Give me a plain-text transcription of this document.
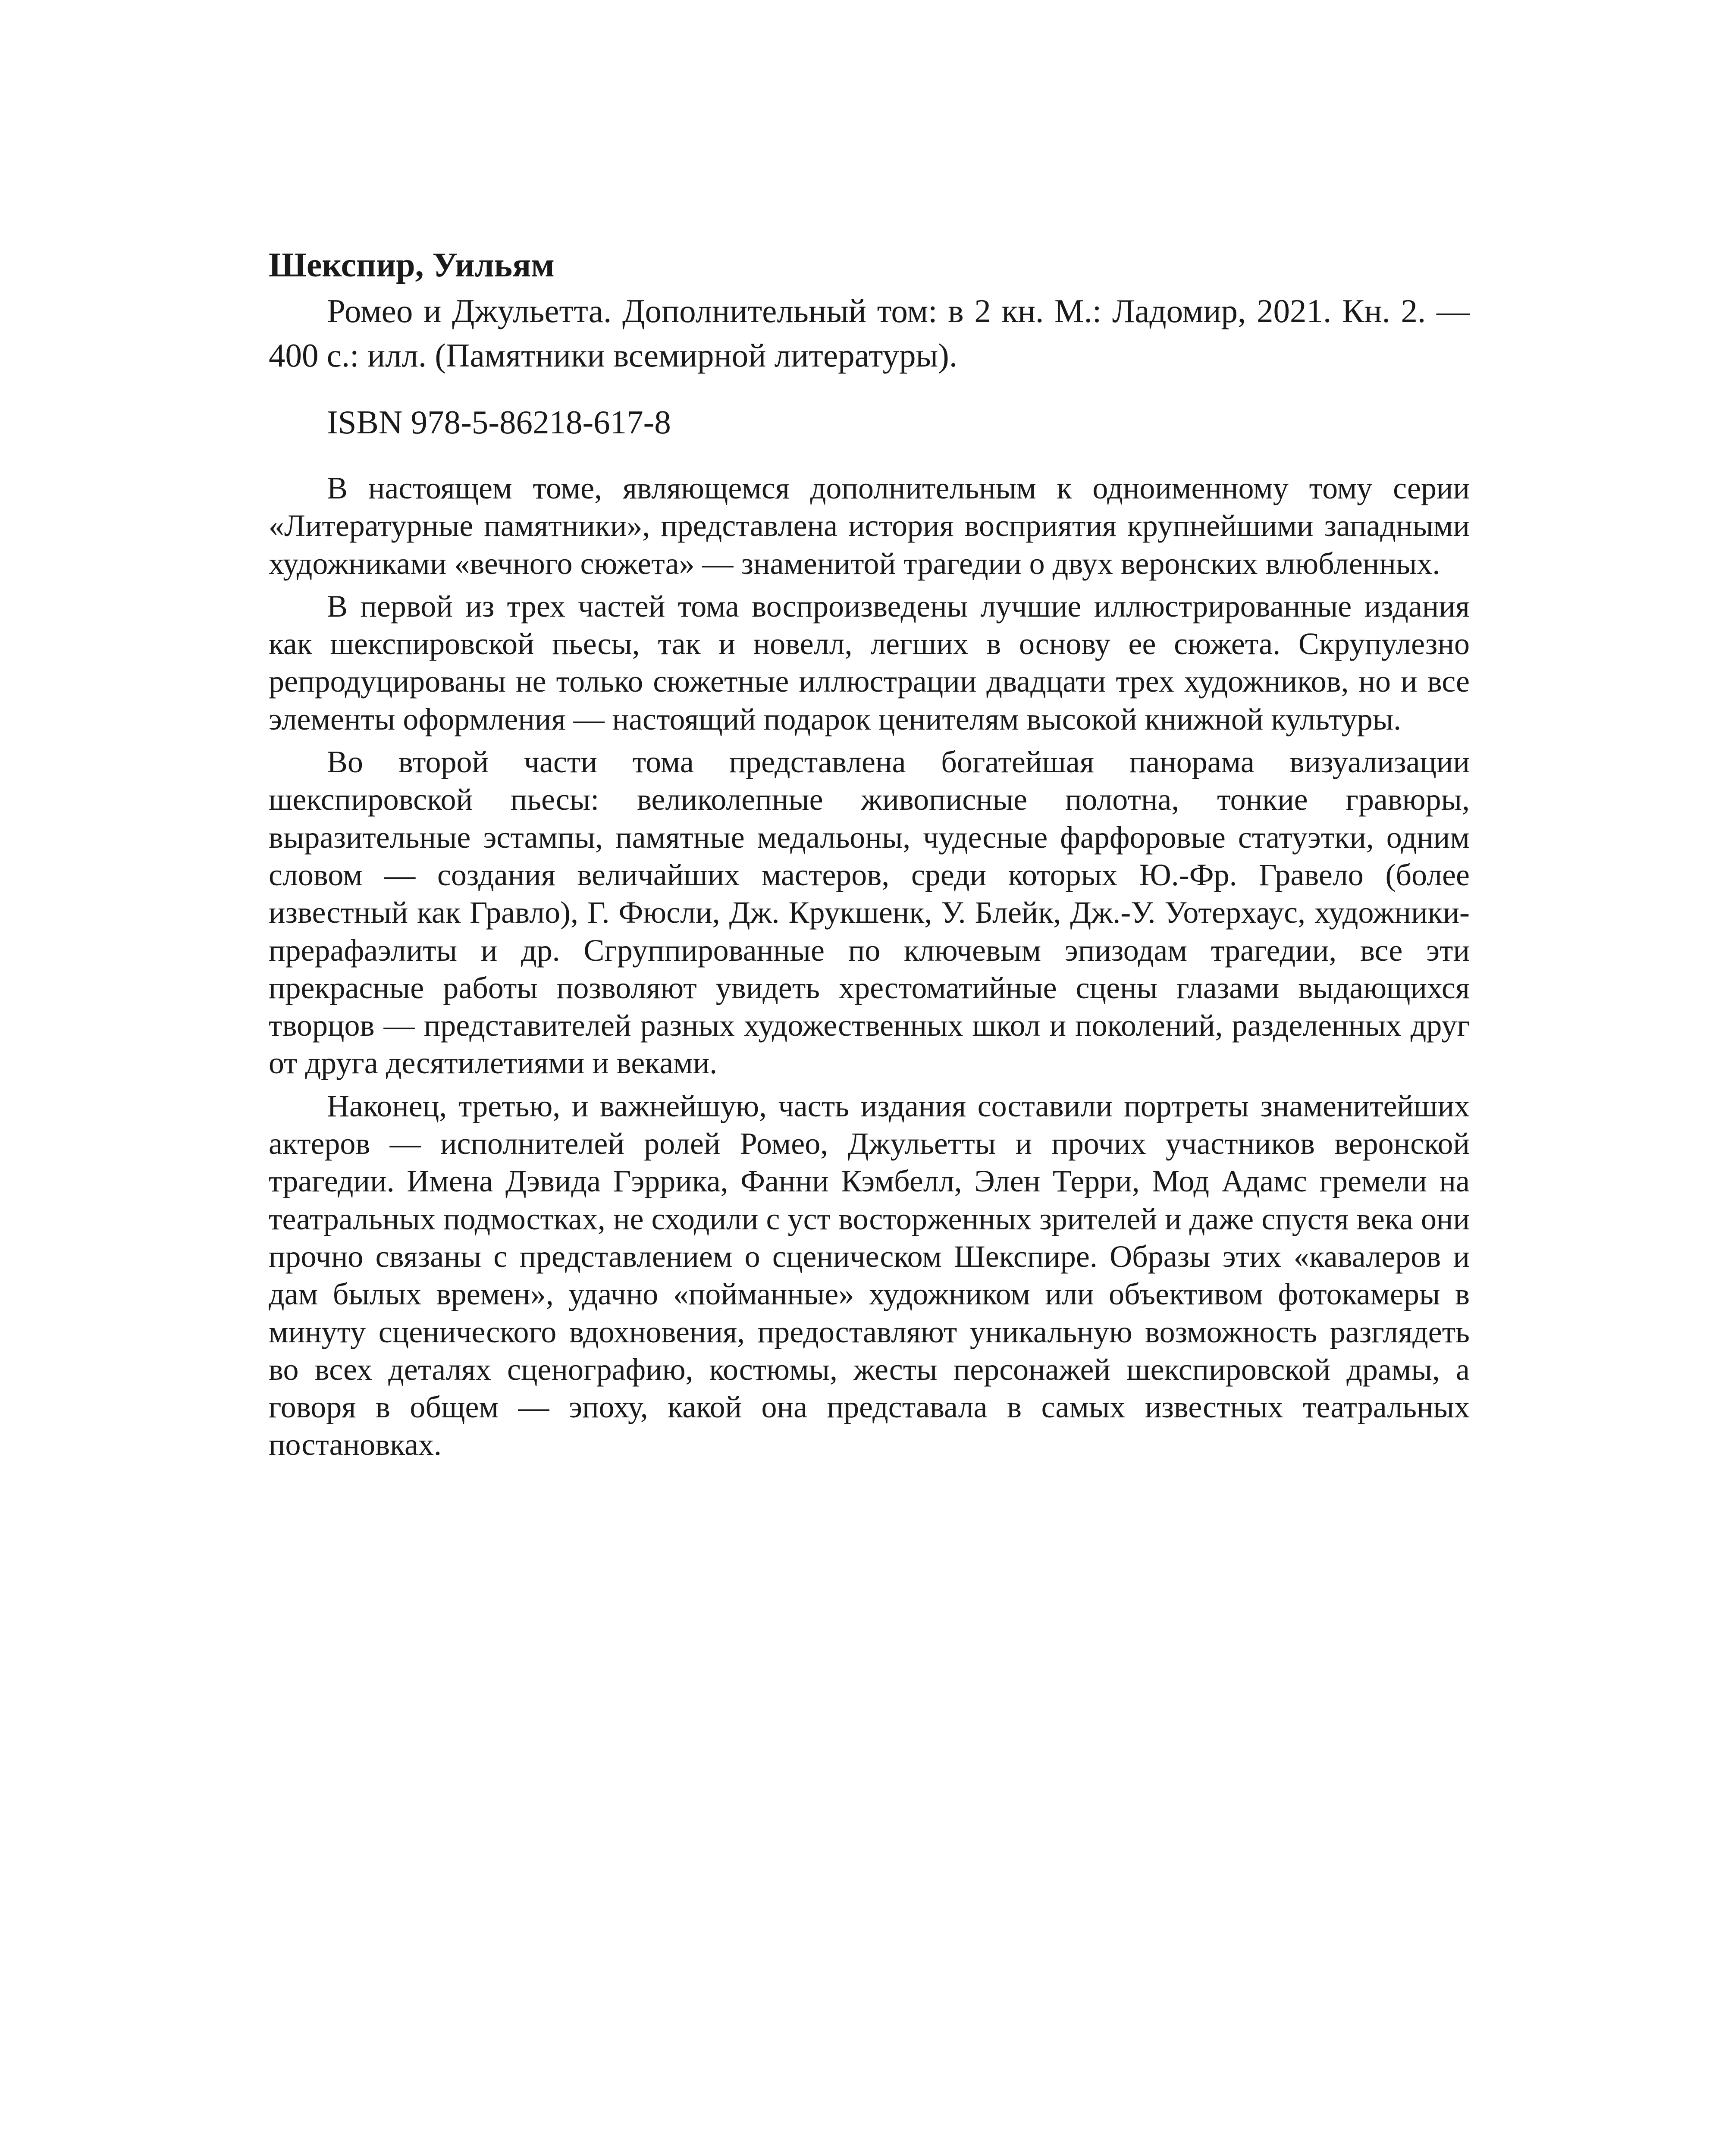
Шекспир, Уильям

Ромео и Джульетта. Дополнительный том: в 2 кн. М.: Ладомир, 2021. Кн. 2. — 400 с.: илл. (Памятники всемирной литературы).

ISBN 978-5-86218-617-8

В настоящем томе, являющемся дополнительным к одноименному тому серии «Литературные памятники», представлена история восприятия крупнейшими западными художниками «вечного сюжета» — знаменитой трагедии о двух веронских влюбленных.

В первой из трех частей тома воспроизведены лучшие иллюстрированные издания как шекспировской пьесы, так и новелл, легших в основу ее сюжета. Скрупулезно репродуцированы не только сюжетные иллюстрации двадцати трех художников, но и все элементы оформления — настоящий подарок ценителям высокой книжной культуры.

Во второй части тома представлена богатейшая панорама визуализации шекспировской пьесы: великолепные живописные полотна, тонкие гравюры, выразительные эстампы, памятные медальоны, чудесные фарфоровые статуэтки, одним словом — создания величайших мастеров, среди которых Ю.-Фр. Гравело (более известный как Гравло), Г. Фюсли, Дж. Крукшенк, У. Блейк, Дж.-У. Уотерхаус, художники-прерафаэлиты и др. Сгруппированные по ключевым эпизодам трагедии, все эти прекрасные работы позволяют увидеть хрестоматийные сцены глазами выдающихся творцов — представителей разных художественных школ и поколений, разделенных друг от друга десятилетиями и веками.

Наконец, третью, и важнейшую, часть издания составили портреты знаменитейших актеров — исполнителей ролей Ромео, Джульетты и прочих участников веронской трагедии. Имена Дэвида Гэррика, Фанни Кэмбелл, Элен Терри, Мод Адамс гремели на театральных подмостках, не сходили с уст восторженных зрителей и даже спустя века они прочно связаны с представлением о сценическом Шекспире. Образы этих «кавалеров и дам былых времен», удачно «пойманные» художником или объективом фотокамеры в минуту сценического вдохновения, предоставляют уникальную возможность разглядеть во всех деталях сценографию, костюмы, жесты персонажей шекспировской драмы, а говоря в общем — эпоху, какой она представала в самых известных театральных постановках.
